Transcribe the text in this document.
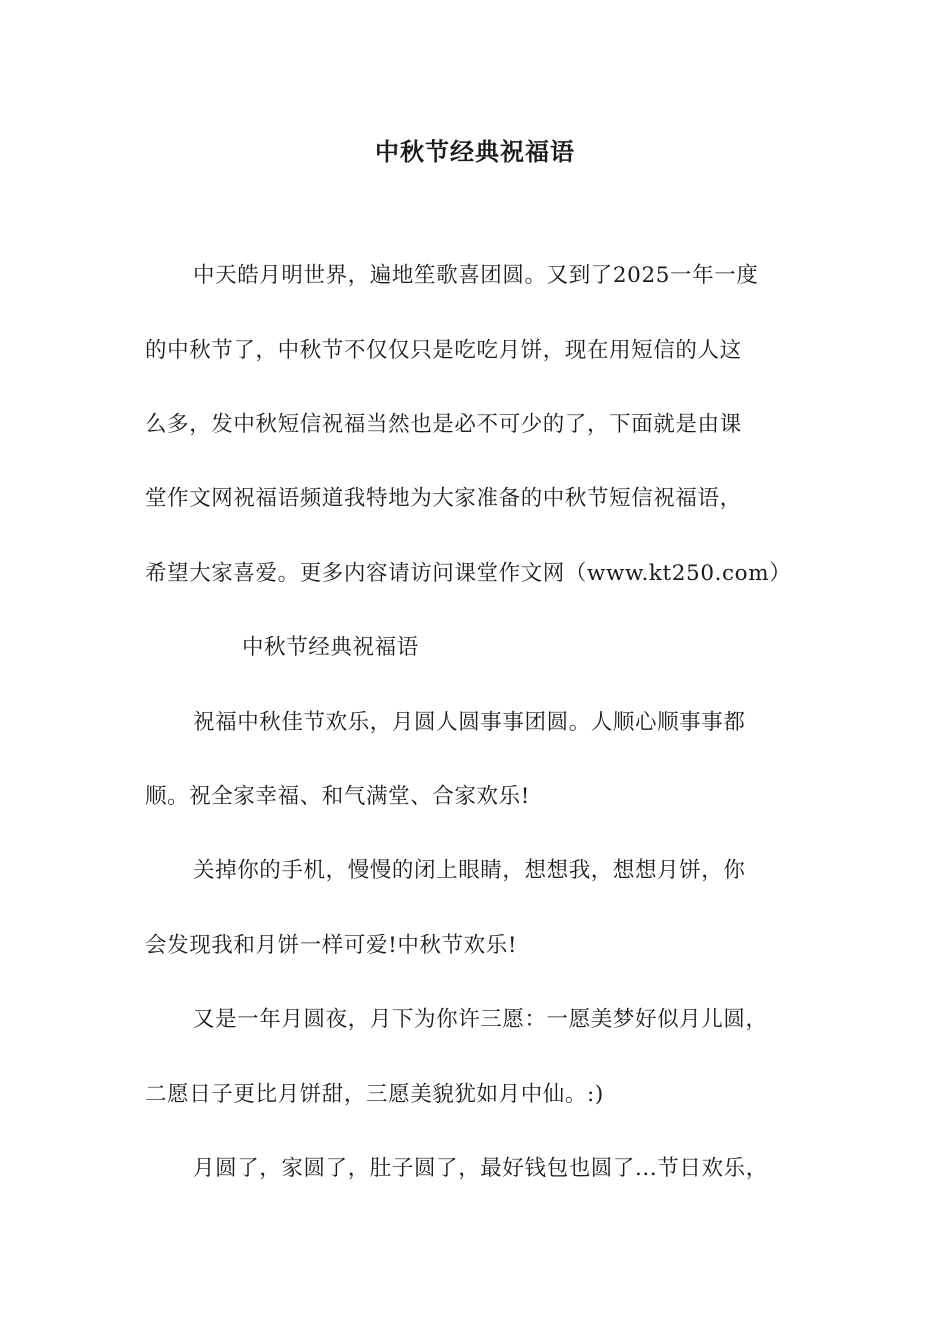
中秋节经典祝福语
中天皓月明世界，遍地笙歌喜团圆。又到了2025一年一度
的中秋节了，中秋节不仅仅只是吃吃月饼，现在用短信的人这
么多，发中秋短信祝福当然也是必不可少的了，下面就是由课
堂作文网祝福语频道我特地为大家准备的中秋节短信祝福语，
希望大家喜爱。更多内容请访问课堂作文网（www.kt250.com）
中秋节经典祝福语
祝福中秋佳节欢乐，月圆人圆事事团圆。人顺心顺事事都
顺。祝全家幸福、和气满堂、合家欢乐!
关掉你的手机，慢慢的闭上眼睛，想想我，想想月饼，你
会发现我和月饼一样可爱!中秋节欢乐!
又是一年月圆夜，月下为你许三愿：一愿美梦好似月儿圆，
二愿日子更比月饼甜，三愿美貌犹如月中仙。:)
月圆了，家圆了，肚子圆了，最好钱包也圆了...节日欢乐，
